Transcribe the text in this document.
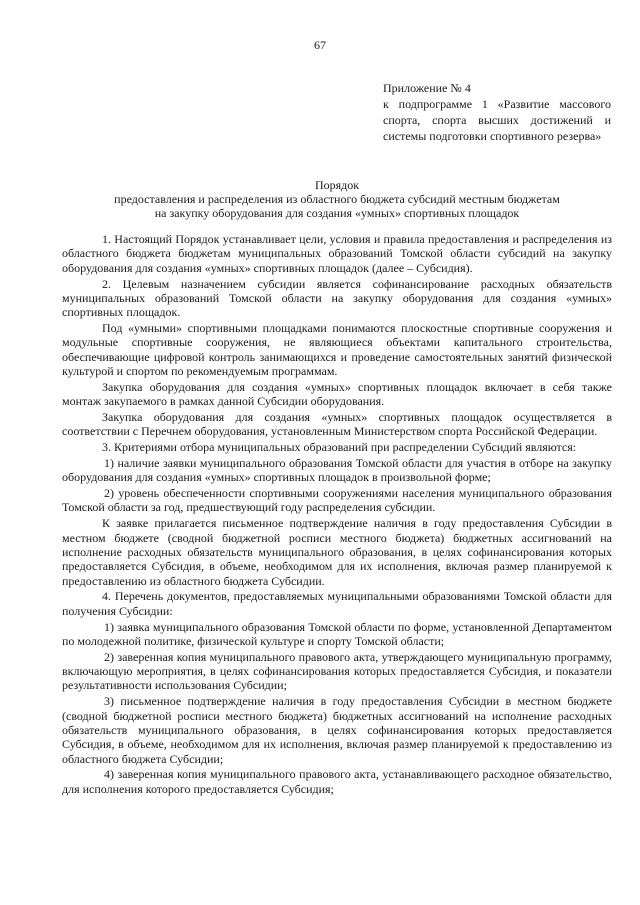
67
Приложение № 4
к подпрограмме 1 «Развитие массового спорта, спорта высших достижений и системы подготовки спортивного резерва»
Порядок
предоставления и распределения из областного бюджета субсидий местным бюджетам
на закупку оборудования для создания «умных» спортивных площадок

1. Настоящий Порядок устанавливает цели, условия и правила предоставления и распределения из областного бюджета бюджетам муниципальных образований Томской области субсидий на закупку оборудования для создания «умных» спортивных площадок (далее – Субсидия).

2. Целевым назначением субсидии является софинансирование расходных обязательств муниципальных образований Томской области на закупку оборудования для создания «умных» спортивных площадок.

Под «умными» спортивными площадками понимаются плоскостные спортивные сооружения и модульные спортивные сооружения, не являющиеся объектами капитального строительства, обеспечивающие цифровой контроль занимающихся и проведение самостоятельных занятий физической культурой и спортом по рекомендуемым программам.

Закупка оборудования для создания «умных» спортивных площадок включает в себя также монтаж закупаемого в рамках данной Субсидии оборудования.

Закупка оборудования для создания «умных» спортивных площадок осуществляется в соответствии с Перечнем оборудования, установленным Министерством спорта Российской Федерации.

3. Критериями отбора муниципальных образований при распределении Субсидий являются:

1) наличие заявки муниципального образования Томской области для участия в отборе на закупку оборудования для создания «умных» спортивных площадок в произвольной форме;

2) уровень обеспеченности спортивными сооружениями населения муниципального образования Томской области за год, предшествующий году распределения субсидии.

К заявке прилагается письменное подтверждение наличия в году предоставления Субсидии в местном бюджете (сводной бюджетной росписи местного бюджета) бюджетных ассигнований на исполнение расходных обязательств муниципального образования, в целях софинансирования которых предоставляется Субсидия, в объеме, необходимом для их исполнения, включая размер планируемой к предоставлению из областного бюджета Субсидии.

4. Перечень документов, предоставляемых муниципальными образованиями Томской области для получения Субсидии:

1) заявка муниципального образования Томской области по форме, установленной Департаментом по молодежной политике, физической культуре и спорту Томской области;

2) заверенная копия муниципального правового акта, утверждающего муниципальную программу, включающую мероприятия, в целях софинансирования которых предоставляется Субсидия, и показатели результативности использования Субсидии;

3) письменное подтверждение наличия в году предоставления Субсидии в местном бюджете (сводной бюджетной росписи местного бюджета) бюджетных ассигнований на исполнение расходных обязательств муниципального образования, в целях софинансирования которых предоставляется Субсидия, в объеме, необходимом для их исполнения, включая размер планируемой к предоставлению из областного бюджета Субсидии;

4) заверенная копия муниципального правового акта, устанавливающего расходное обязательство, для исполнения которого предоставляется Субсидия;
